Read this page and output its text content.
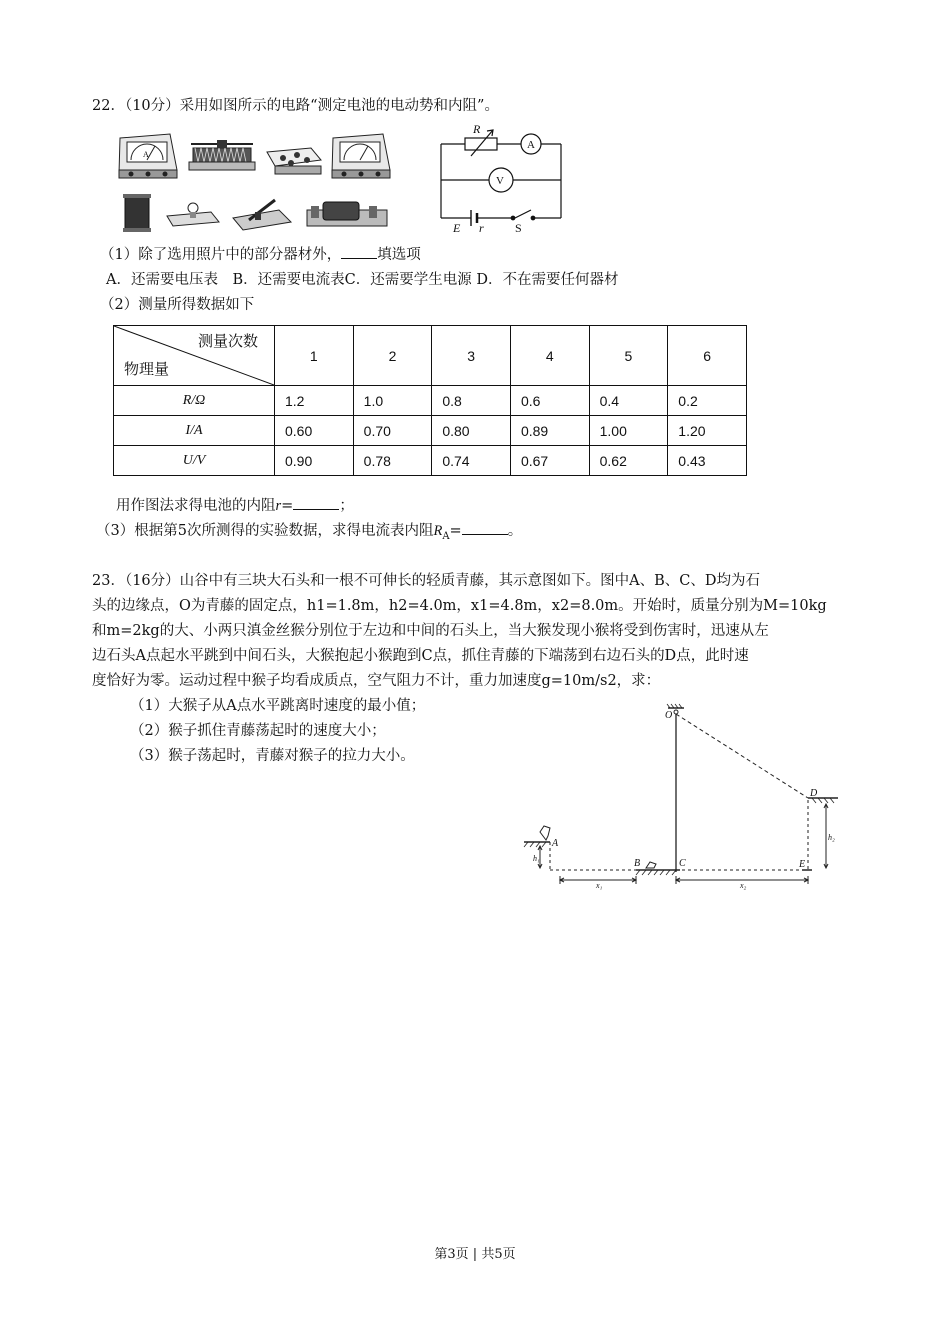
22．（10分）采用如图所示的电路“测定电池的电动势和内阻”。
A
R
A
V
E r	S
（1）除了选用照片中的部分器材外， 填选项
A．还需要电压表　B．还需要电流表C．还需要学生电源 D．不在需要任何器材
（2）测量所得数据如下
测量次数
物理量	1	2	3	4	5	6
R/Ω	1.2	1.0	0.8	0.6	0.4	0.2
I/A	0.60	0.70	0.80	0.89	1.00	1.20
U/V	0.90	0.78	0.74	0.67	0.62	0.43
用作图法求得电池的内阻r=	；
（3）根据第5次所测得的实验数据，求得电流表内阻$R_A=$	。
23．（16分）山谷中有三块大石头和一根不可伸长的轻质青藤，其示意图如下。图中A、B、C、D均为石
头的边缘点，O为青藤的固定点，h1=1.8m，h2=4.0m，x1=4.8m，x2=8.0m。开始时，质量分别为M=10kg
和m=2kg的大、小两只滇金丝猴分别位于左边和中间的石头上，当大猴发现小猴将受到伤害时，迅速从左
边石头A点起水平跳到中间石头，大猴抱起小猴跑到C点，抓住青藤的下端荡到右边石头的D点，此时速
度恰好为零。运动过程中猴子均看成质点，空气阻力不计，重力加速度g=10m/s2，求：
（1）大猴子从A点水平跳离时速度的最小值；
（2）猴子抓住青藤荡起时的速度大小；
（3）猴子荡起时，青藤对猴子的拉力大小。
O
A
B	C
D
E
h₁
h₂
x₁	x₂
第3页 | 共5页
